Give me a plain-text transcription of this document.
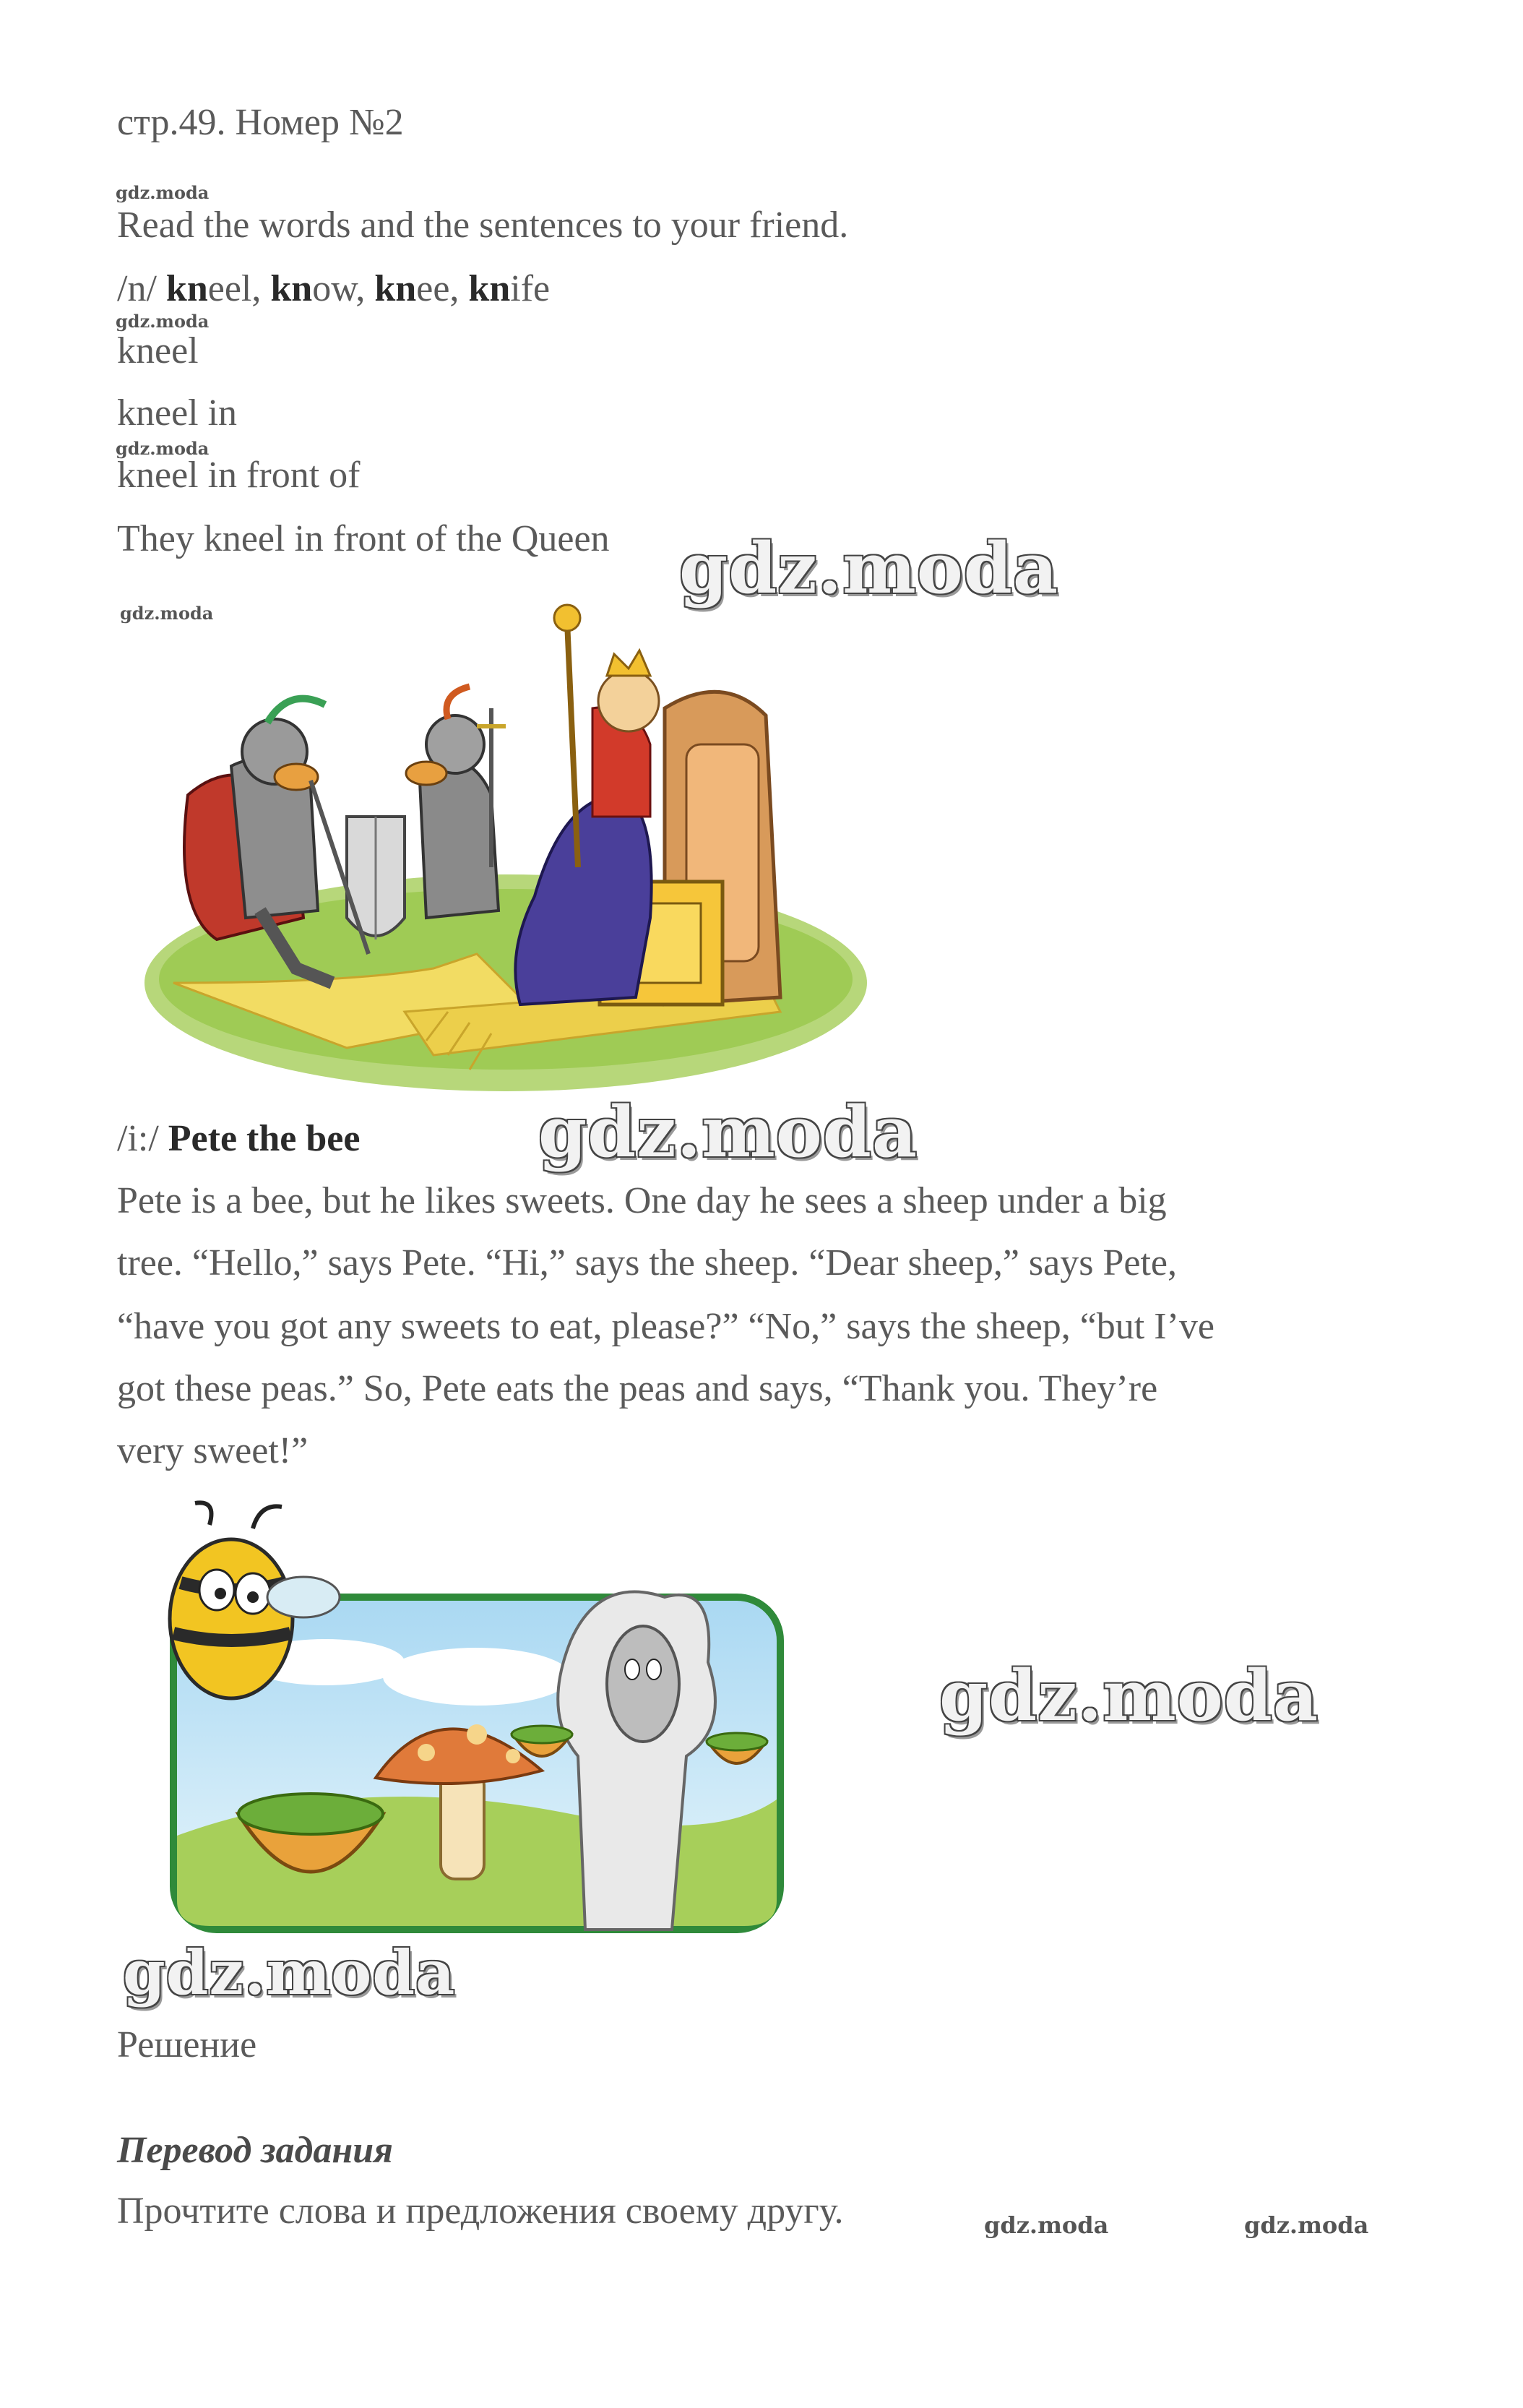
стр.49. Номер №2
gdz.moda
gdz.moda
gdz.moda
gdz.moda
Read the words and the sentences to your friend.
/n/ kneel, know, knee, knife
kneel
kneel in
kneel in front of
They kneel in front of the Queen gdz.moda
/i:/ Pete the bee	gdz.moda
Pete is a bee, but he likes sweets. One day he sees a sheep under a big
tree. “Hello,” says Pete. “Hi,” says the sheep. “Dear sheep,” says Pete,
“have you got any sweets to eat, please?” “No,” says the sheep, “but I’ve
got these peas.” So, Pete eats the peas and says, “Thank you. They’re
very sweet!”
gdz.moda
gdz.moda
Решение
Перевод задания
Прочтите слова и предложения своему другу.	gdz.moda	gdz.moda
